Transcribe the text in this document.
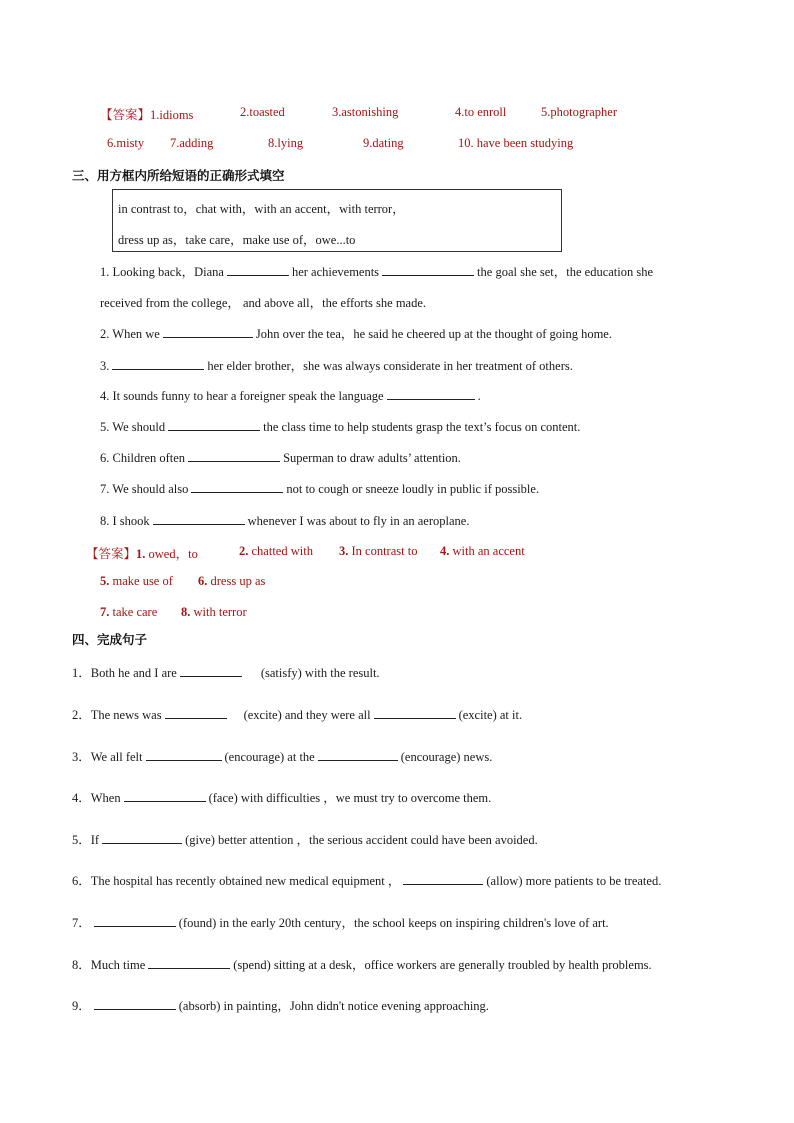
【答案】1.idioms	2.toasted	3.astonishing	4.to enroll	5.photographer
6.misty 7.adding	8.lying	9.dating	10. have been studying
三、用方框内所给短语的正确形式填空
in contrast to，chat with，with an accent，with terror，
dress up as，take care，make use of，owe...to
1. Looking back，Diana	her achievements	the goal she set，the education she
received from the college， and above all，the efforts she made.
2. When we	John over the tea，he said he cheered up at the thought of going home.
3.	her elder brother，she was always considerate in her treatment of others.
4. It sounds funny to hear a foreigner speak the language	.
5. We should	the class time to help students grasp the text’s focus on content.
6. Children often	Superman to draw adults’ attention.
7. We should also	not to cough or sneeze loudly in public if possible.
8. I shook	whenever I was about to fly in an aeroplane.
【答案】1. owed，to	2. chatted with 3. In contrast to 4. with an accent
5. make use of 6. dress up as
7. take care 8. with terror
四、完成句子
1．Both he and I are	(satisfy) with the result.
2．The news was	(excite) and they were all	(excite) at it.
3．We all felt	(encourage) at the	(encourage) news.
4．When	(face) with difficulties ，we must try to overcome them.
5．If	(give) better attention ，the serious accident could have been avoided.
6．The hospital has recently obtained new medical equipment ，	(allow) more patients to be treated.
7．	(found) in the early 20th century，the school keeps on inspiring children's love of art.
8．Much time	(spend) sitting at a desk，office workers are generally troubled by health problems.
9．	(absorb) in painting，John didn't notice evening approaching.
